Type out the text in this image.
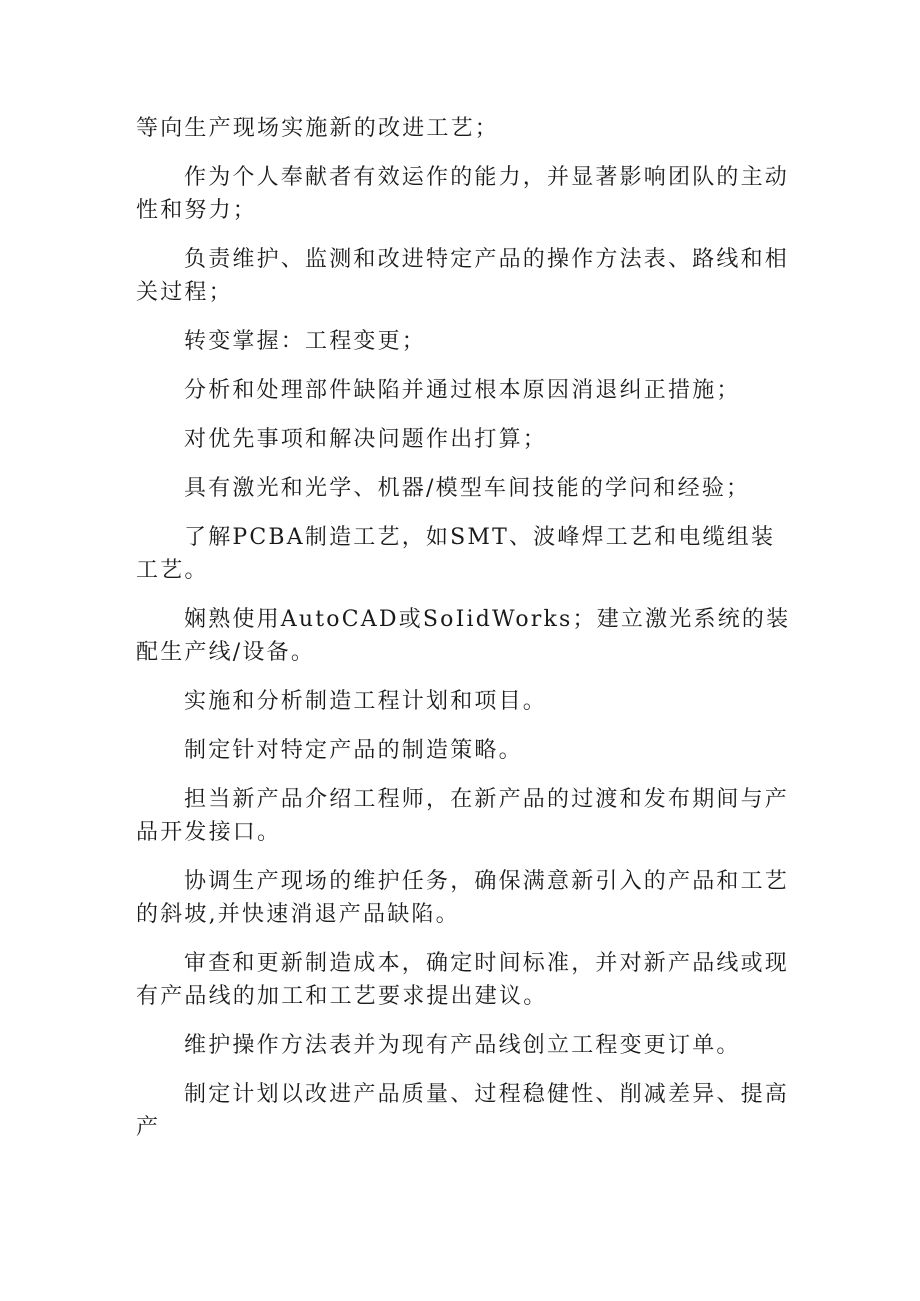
等向生产现场实施新的改进工艺；

作为个人奉献者有效运作的能力，并显著影响团队的主动性和努力；

负责维护、监测和改进特定产品的操作方法表、路线和相关过程；

转变掌握：工程变更；

分析和处理部件缺陷并通过根本原因消退纠正措施；

对优先事项和解决问题作出打算；

具有激光和光学、机器/模型车间技能的学问和经验；

了解PCBA制造工艺，如SMT、波峰焊工艺和电缆组装工艺。

娴熟使用AutoCAD或SoIidWorks；建立激光系统的装配生产线/设备。

实施和分析制造工程计划和项目。

制定针对特定产品的制造策略。

担当新产品介绍工程师，在新产品的过渡和发布期间与产品开发接口。

协调生产现场的维护任务，确保满意新引入的产品和工艺的斜坡,并快速消退产品缺陷。

审查和更新制造成本，确定时间标准，并对新产品线或现有产品线的加工和工艺要求提出建议。

维护操作方法表并为现有产品线创立工程变更订单。

制定计划以改进产品质量、过程稳健性、削减差异、提高产
